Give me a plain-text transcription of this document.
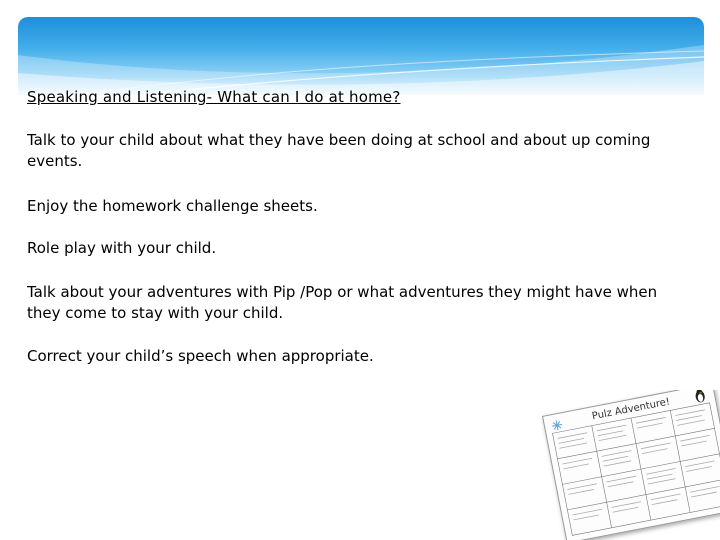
Speaking and Listening- What can I do at home?

Talk to your child about what they have been doing at school and about up coming events.

Enjoy the homework challenge sheets.

Role play with your child.

Talk about your adventures with Pip /Pop or what adventures they might have when they come to stay with your child.

Correct your child’s speech when appropriate.

Pulz Adventure!
